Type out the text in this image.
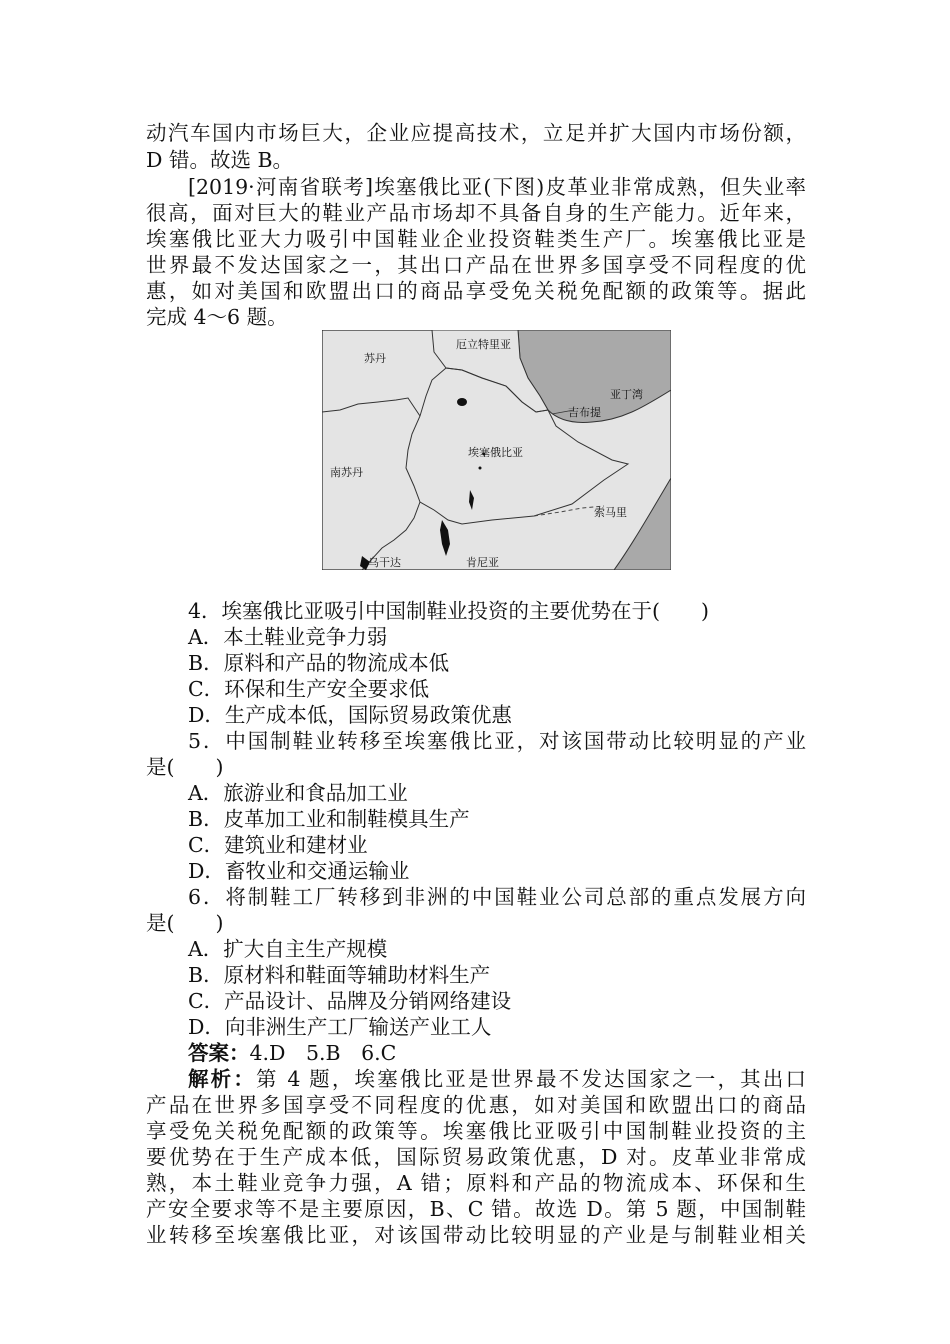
动汽车国内市场巨大，企业应提高技术，立足并扩大国内市场份额，
D 错。故选 B。
[2019·河南省联考]埃塞俄比亚(下图)皮革业非常成熟，但失业率
很高，面对巨大的鞋业产品市场却不具备自身的生产能力。近年来，
埃塞俄比亚大力吸引中国鞋业企业投资鞋类生产厂。埃塞俄比亚是
世界最不发达国家之一，其出口产品在世界多国享受不同程度的优
惠，如对美国和欧盟出口的商品享受免关税免配额的政策等。据此
完成 4～6 题。
苏丹
厄立特里亚
亚丁湾
吉布提
埃塞俄比亚
南苏丹
索马里
乌干达	肯尼亚
4．埃塞俄比亚吸引中国制鞋业投资的主要优势在于(　　)
A．本土鞋业竞争力弱
B．原料和产品的物流成本低
C．环保和生产安全要求低
D．生产成本低，国际贸易政策优惠
5．中国制鞋业转移至埃塞俄比亚，对该国带动比较明显的产业
是(　　)
A．旅游业和食品加工业
B．皮革加工业和制鞋模具生产
C．建筑业和建材业
D．畜牧业和交通运输业
6．将制鞋工厂转移到非洲的中国鞋业公司总部的重点发展方向
是(　　)
A．扩大自主生产规模
B．原材料和鞋面等辅助材料生产
C．产品设计、品牌及分销网络建设
D．向非洲生产工厂输送产业工人
答案：4.D　5.B　6.C
解析：第 4 题，埃塞俄比亚是世界最不发达国家之一，其出口
产品在世界多国享受不同程度的优惠，如对美国和欧盟出口的商品
享受免关税免配额的政策等。埃塞俄比亚吸引中国制鞋业投资的主
要优势在于生产成本低，国际贸易政策优惠，D 对。皮革业非常成
熟，本土鞋业竞争力强，A 错；原料和产品的物流成本、环保和生
产安全要求等不是主要原因，B、C 错。故选 D。第 5 题，中国制鞋
业转移至埃塞俄比亚，对该国带动比较明显的产业是与制鞋业相关
